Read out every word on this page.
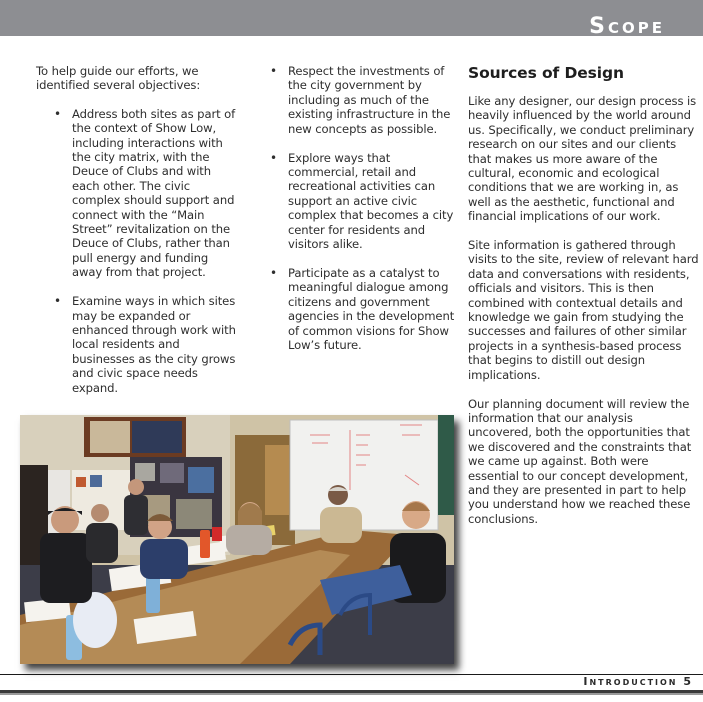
Scope

To help guide our efforts, we identified several objectives:

• Address both sites as part of the context of Show Low, including interactions with the city matrix, with the Deuce of Clubs and with each other. The civic complex should support and connect with the “Main Street” revitalization on the Deuce of Clubs, rather than pull energy and funding away from that project.
• Examine ways in which sites may be expanded or enhanced through work with local residents and businesses as the city grows and civic space needs expand.
• Respect the investments of the city government by including as much of the existing infrastructure in the new concepts as possible.
• Explore ways that commercial, retail and recreational activities can support an active civic complex that becomes a city center for residents and visitors alike.
• Participate as a catalyst to meaningful dialogue among citizens and government agencies in the development of common visions for Show Low’s future.
Sources of Design

Like any designer, our design process is heavily influenced by the world around us. Specifically, we conduct preliminary research on our sites and our clients that makes us more aware of the cultural, economic and ecological conditions that we are working in, as well as the aesthetic, functional and financial implications of our work.

Site information is gathered through visits to the site, review of relevant hard data and conversations with residents, officials and visitors. This is then combined with contextual details and knowledge we gain from studying the successes and failures of other similar projects in a synthesis-based process that begins to distill out design implications.

Our planning document will review the information that our analysis uncovered, both the opportunities that we discovered and the constraints that we came up against. Both were essential to our concept development, and they are presented in part to help you understand how we reached these conclusions.

Introduction 5
